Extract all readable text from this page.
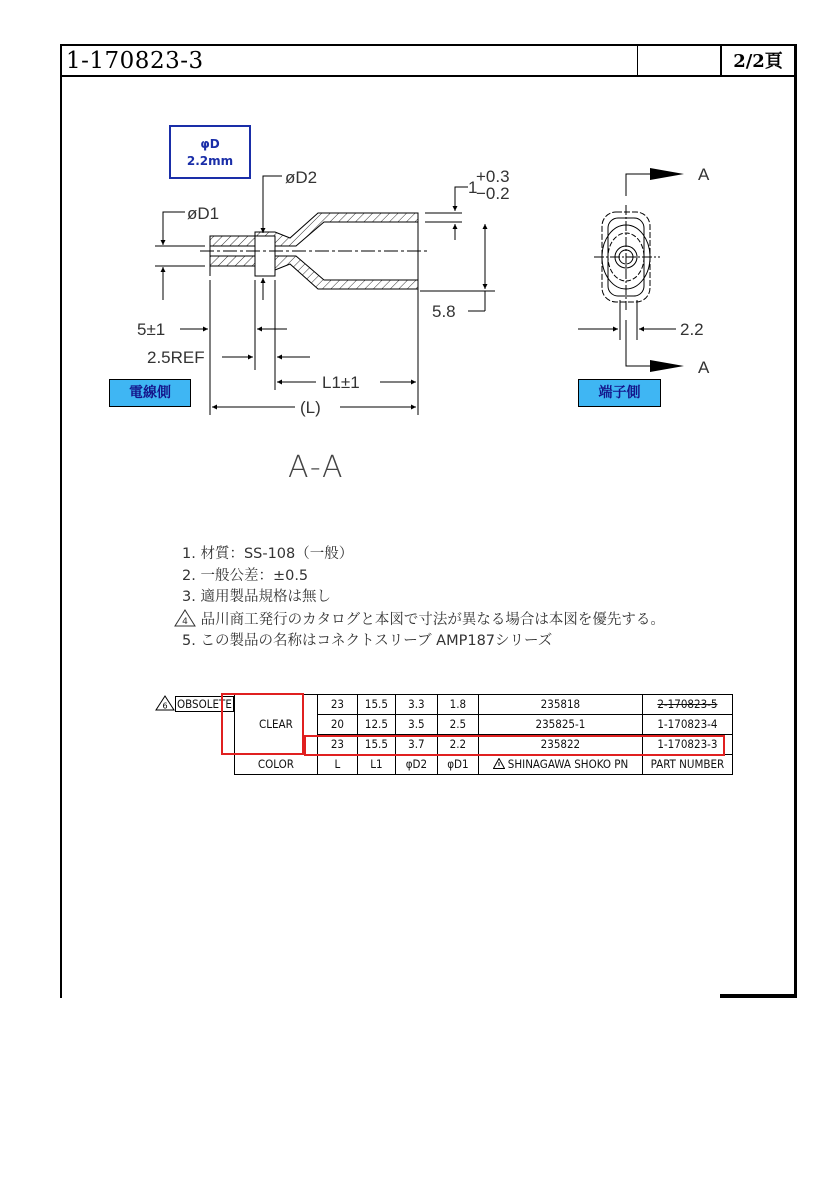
1-170823-3	2/2頁
φD
2.2mm
øD2
øD1
1
+0.3
−0.2
5.8
5±1
2.5REF
L1±1
(L)
2.2
A
A
電線側	端子側
A-A
1. 材質：SS-108（一般）
2. 一般公差：±0.5
3. 適用製品規格は無し
4 品川商工発行のカタログと本図で寸法が異なる場合は本図を優先する。
5. この製品の名称はコネクトスリーブ AMP187シリーズ
6 OBSOLETE	CLEAR	23	15.5	3.3	1.8	235818	2-170823-5
		20	12.5	3.5	2.5	235825-1	1-170823-4
		23	15.5	3.7	2.2	235822	1-170823-3
	COLOR	L	L1	φD2	φD1	SHINAGAWA SHOKO PN	PART NUMBER
